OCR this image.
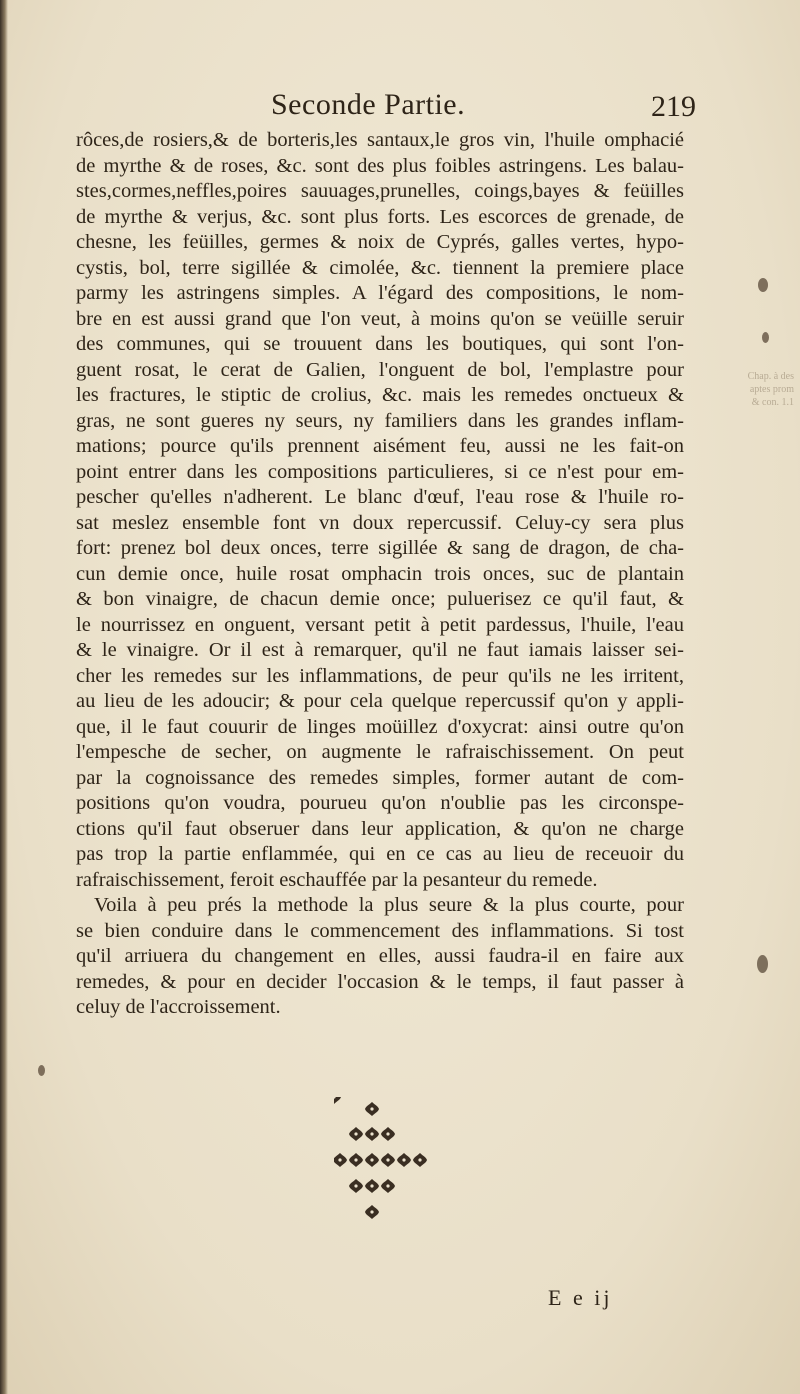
Seconde Partie.	219
rôces,de rosiers,& de borteris,les santaux,le gros vin, l'huile omphacié
de myrthe & de roses, &c. sont des plus foibles astringens. Les balau-
stes,cormes,neffles,poires sauuages,prunelles, coings,bayes & feüilles
de myrthe & verjus, &c. sont plus forts. Les escorces de grenade, de
chesne, les feüilles, germes & noix de Cyprés, galles vertes, hypo-
cystis, bol, terre sigillée & cimolée, &c. tiennent la premiere place
parmy les astringens simples. A l'égard des compositions, le nom-
bre en est aussi grand que l'on veut, à moins qu'on se veüille seruir
des communes, qui se trouuent dans les boutiques, qui sont l'on-
guent rosat, le cerat de Galien, l'onguent de bol, l'emplastre pour
les fractures, le stiptic de crolius, &c. mais les remedes onctueux &
gras, ne sont gueres ny seurs, ny familiers dans les grandes inflam-
mations; pource qu'ils prennent aisément feu, aussi ne les fait-on
point entrer dans les compositions particulieres, si ce n'est pour em-
pescher qu'elles n'adherent. Le blanc d'œuf, l'eau rose & l'huile ro-
sat meslez ensemble font vn doux repercussif. Celuy-cy sera plus
fort: prenez bol deux onces, terre sigillée & sang de dragon, de cha-
cun demie once, huile rosat omphacin trois onces, suc de plantain
& bon vinaigre, de chacun demie once; puluerisez ce qu'il faut, &
le nourrissez en onguent, versant petit à petit pardessus, l'huile, l'eau
& le vinaigre. Or il est à remarquer, qu'il ne faut iamais laisser sei-
cher les remedes sur les inflammations, de peur qu'ils ne les irritent,
au lieu de les adoucir; & pour cela quelque repercussif qu'on y appli-
que, il le faut couurir de linges moüillez d'oxycrat: ainsi outre qu'on
l'empesche de secher, on augmente le rafraischissement. On peut
par la cognoissance des remedes simples, former autant de com-
positions qu'on voudra, pourueu qu'on n'oublie pas les circonspe-
ctions qu'il faut obseruer dans leur application, & qu'on ne charge
pas trop la partie enflammée, qui en ce cas au lieu de receuoir du
rafraischissement, feroit eschauffée par la pesanteur du remede.
Voila à peu prés la methode la plus seure & la plus courte, pour
se bien conduire dans le commencement des inflammations. Si tost
qu'il arriuera du changement en elles, aussi faudra-il en faire aux
remedes, & pour en decider l'occasion & le temps, il faut passer à
celuy de l'accroissement.
E e ij
Chap. à des
aptes prom
& con. 1.1
